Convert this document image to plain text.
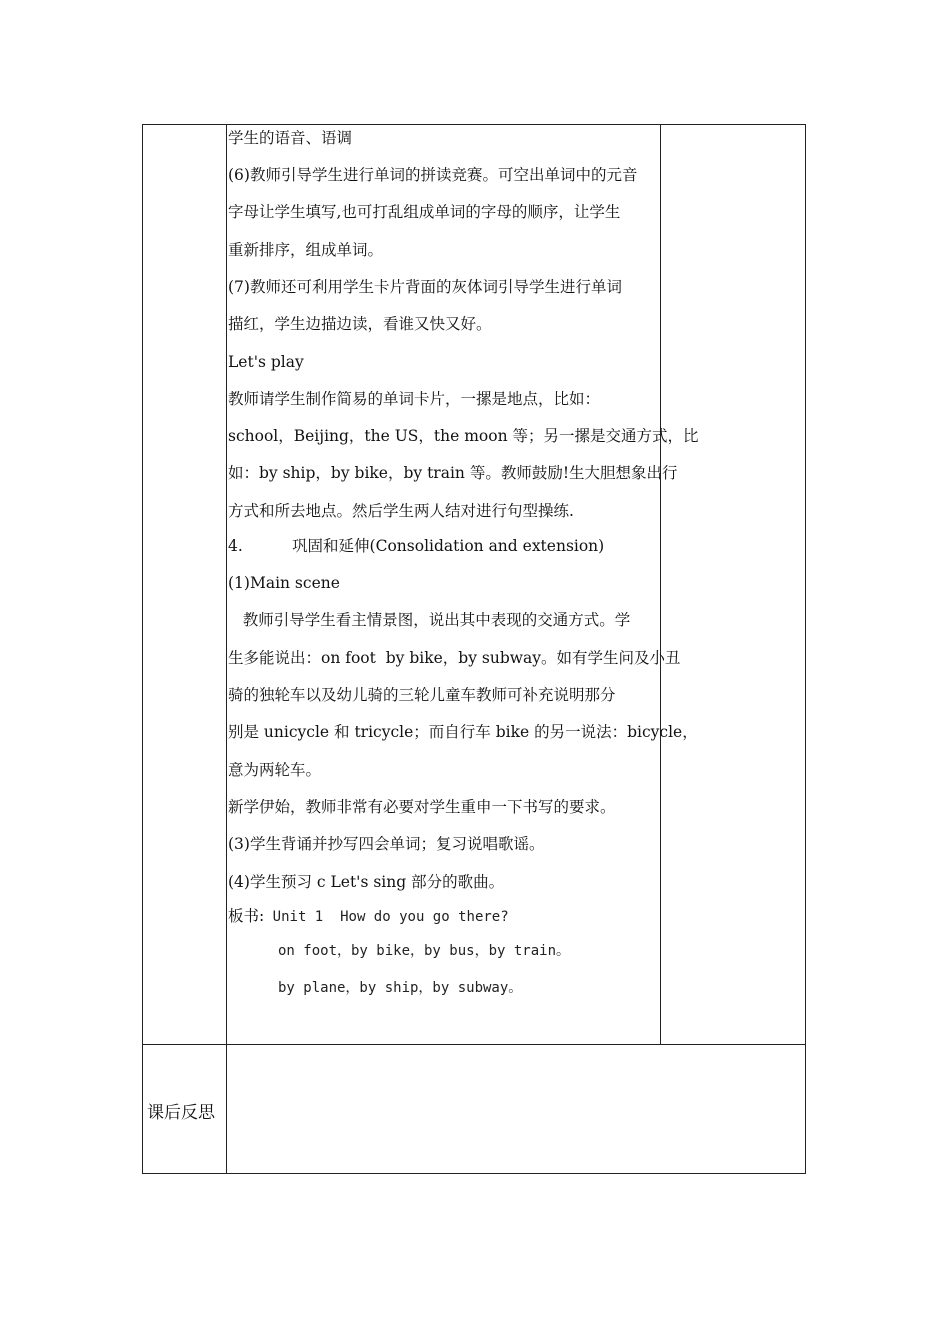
学生的语音、语调
(6)教师引导学生进行单词的拼读竞赛。可空出单词中的元音
字母让学生填写,也可打乱组成单词的字母的顺序，让学生
重新排序，组成单词。
(7)教师还可利用学生卡片背面的灰体词引导学生进行单词
描红，学生边描边读，看谁又快又好。
Let's play
教师请学生制作简易的单词卡片，一摞是地点，比如：
school，Beijing，the US，the moon 等；另一摞是交通方式，比
如：by ship，by bike，by train 等。教师鼓励!生大胆想象出行
方式和所去地点。然后学生两人结对进行句型操练.
4.          巩固和延伸(Consolidation and extension)
(1)Main scene
教师引导学生看主情景图，说出其中表现的交通方式。学
生多能说出：on foot  by bike，by subway。如有学生问及小丑
骑的独轮车以及幼儿骑的三轮儿童车教师可补充说明那分
别是 unicycle 和 tricycle；而自行车 bike 的另一说法：bicycle，
意为两轮车。
新学伊始，教师非常有必要对学生重申一下书写的要求。
(3)学生背诵并抄写四会单词；复习说唱歌谣。
(4)学生预习 c Let's sing 部分的歌曲。
板书: Unit 1  How do you go there?
on foot，by bike，by bus，by train。
by plane，by ship，by subway。
课后反思
